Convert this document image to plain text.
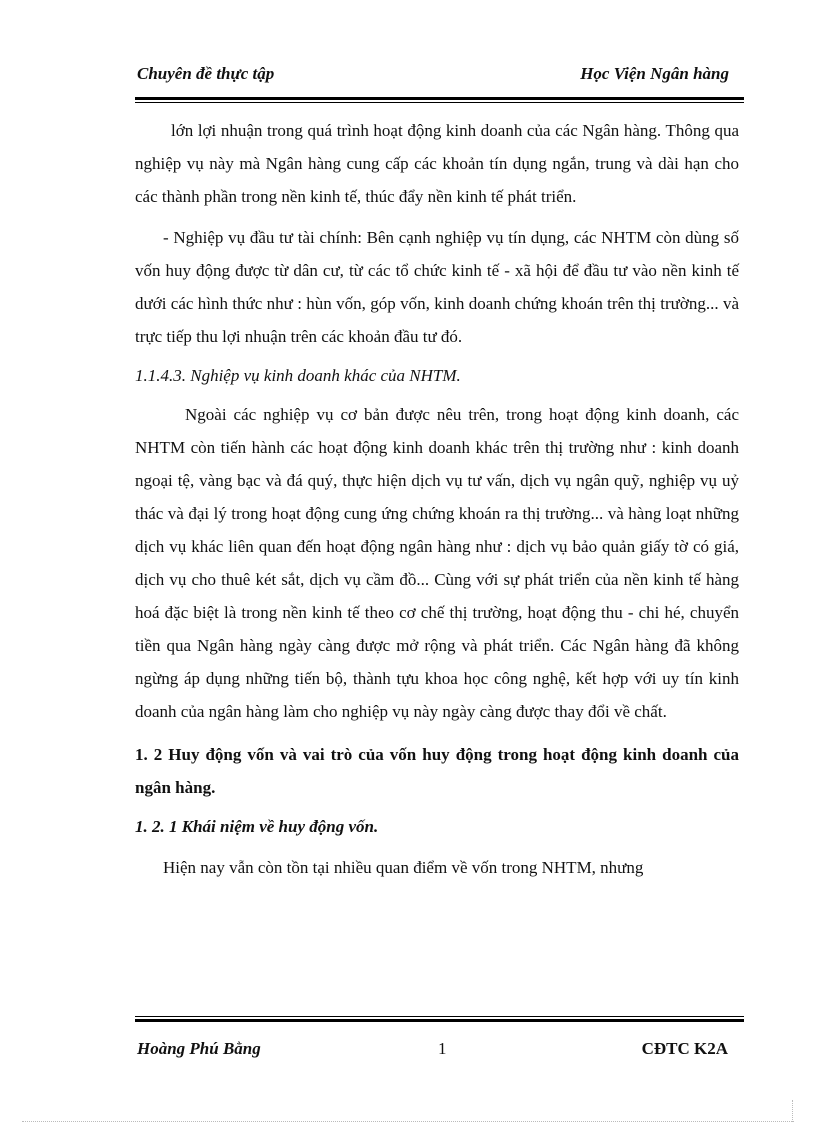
Chuyên đề thực tập	Học Viện Ngân hàng

lớn lợi nhuận trong quá trình hoạt động kinh doanh của các Ngân hàng. Thông qua nghiệp vụ này mà Ngân hàng cung cấp các khoản tín dụng ngắn, trung và dài hạn cho các thành phần trong nền kinh tế, thúc đẩy nền kinh tế phát triển.

- Nghiệp vụ đầu tư tài chính: Bên cạnh nghiệp vụ tín dụng, các NHTM còn dùng số vốn huy động được từ dân cư, từ các tổ chức kinh tế - xã hội để đầu tư vào nền kinh tế dưới các hình thức như : hùn vốn, góp vốn, kinh doanh chứng khoán trên thị trường... và trực tiếp thu lợi nhuận trên các khoản đầu tư đó.

1.1.4.3. Nghiệp vụ kinh doanh khác của NHTM.

Ngoài các nghiệp vụ cơ bản được nêu trên, trong hoạt động kinh doanh, các NHTM còn tiến hành các hoạt động kinh doanh khác trên thị trường như : kinh doanh ngoại tệ, vàng bạc và đá quý, thực hiện dịch vụ tư vấn, dịch vụ ngân quỹ, nghiệp vụ uỷ thác và đại lý trong hoạt động cung ứng chứng khoán ra thị trường... và hàng loạt những dịch vụ khác liên quan đến hoạt động ngân hàng như : dịch vụ bảo quản giấy tờ có giá, dịch vụ cho thuê két sắt, dịch vụ cầm đồ... Cùng với sự phát triển của nền kinh tế hàng hoá đặc biệt là trong nền kinh tế theo cơ chế thị trường, hoạt động thu - chi hé, chuyển tiền qua Ngân hàng ngày càng được mở rộng và phát triển. Các Ngân hàng đã không ngừng áp dụng những tiến bộ, thành tựu khoa học công nghệ, kết hợp với uy tín kinh doanh của ngân hàng làm cho nghiệp vụ này ngày càng được thay đổi về chất.

1. 2 Huy động vốn và vai trò của vốn huy động trong hoạt động kinh doanh của ngân hàng.

1. 2. 1 Khái niệm về huy động vốn.

Hiện nay vẫn còn tồn tại nhiều quan điểm về vốn trong NHTM, nhưng

Hoàng Phú Bằng	1	CĐTC K2A
